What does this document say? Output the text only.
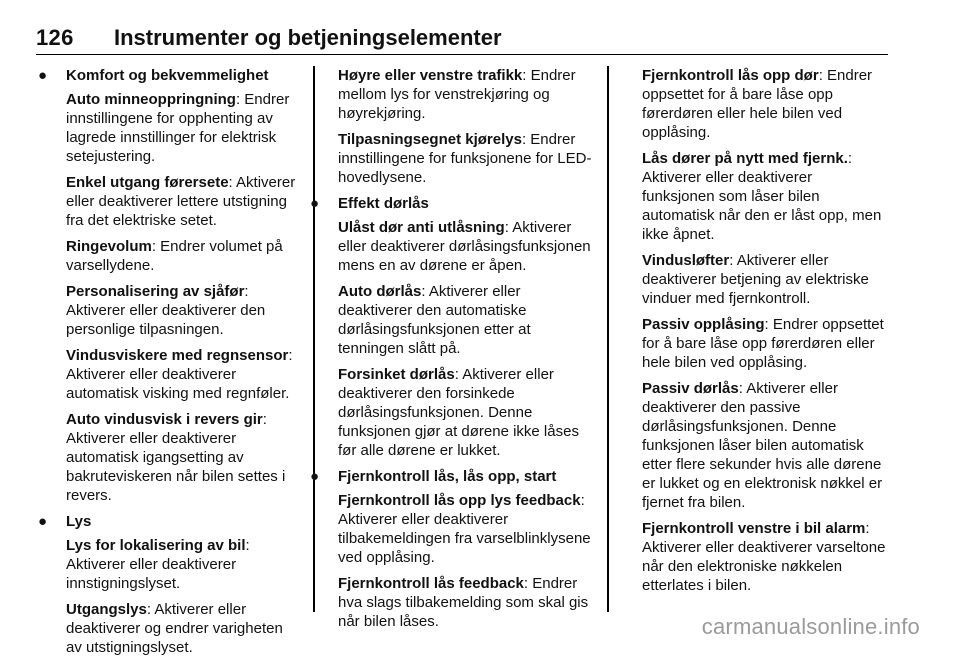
126 Instrumenter og betjeningselementer
● Komfort og bekvemmelighet
Auto minneoppringning: Endrer innstillingene for opphenting av lagrede innstillinger for elektrisk setejustering.
Enkel utgang førersete: Aktiverer eller deaktiverer lettere utstigning fra det elektriske setet.
Ringevolum: Endrer volumet på varsellydene.
Personalisering av sjåfør: Aktiverer eller deaktiverer den personlige tilpasningen.
Vindusviskere med regnsensor: Aktiverer eller deaktiverer automatisk visking med regnføler.
Auto vindusvisk i revers gir: Aktiverer eller deaktiverer automatisk igangsetting av bakruteviskeren når bilen settes i revers.
● Lys
Lys for lokalisering av bil: Aktiverer eller deaktiverer innstigningslyset.
Utgangslys: Aktiverer eller deaktiverer og endrer varigheten av utstigningslyset.
Høyre eller venstre trafikk: Endrer mellom lys for venstrekjøring og høyrekjøring.
Tilpasningsegnet kjørelys: Endrer innstillingene for funksjonene for LED-hovedlysene.
● Effekt dørlås
Ulåst dør anti utlåsning: Aktiverer eller deaktiverer dørlåsingsfunksjonen mens en av dørene er åpen.
Auto dørlås: Aktiverer eller deaktiverer den automatiske dørlåsingsfunksjonen etter at tenningen slått på.
Forsinket dørlås: Aktiverer eller deaktiverer den forsinkede dørlåsingsfunksjonen. Denne funksjonen gjør at dørene ikke låses før alle dørene er lukket.
● Fjernkontroll lås, lås opp, start
Fjernkontroll lås opp lys feedback: Aktiverer eller deaktiverer tilbakemeldingen fra varselblinklysene ved opplåsing.
Fjernkontroll lås feedback: Endrer hva slags tilbakemelding som skal gis når bilen låses.
Fjernkontroll lås opp dør: Endrer oppsettet for å bare låse opp førerdøren eller hele bilen ved opplåsing.
Lås dører på nytt med fjernk.: Aktiverer eller deaktiverer funksjonen som låser bilen automatisk når den er låst opp, men ikke åpnet.
Vindusløfter: Aktiverer eller deaktiverer betjening av elektriske vinduer med fjernkontroll.
Passiv opplåsing: Endrer oppsettet for å bare låse opp førerdøren eller hele bilen ved opplåsing.
Passiv dørlås: Aktiverer eller deaktiverer den passive dørlåsingsfunksjonen. Denne funksjonen låser bilen automatisk etter flere sekunder hvis alle dørene er lukket og en elektronisk nøkkel er fjernet fra bilen.
Fjernkontroll venstre i bil alarm: Aktiverer eller deaktiverer varseltone når den elektroniske nøkkelen etterlates i bilen.
carmanualsonline.info
